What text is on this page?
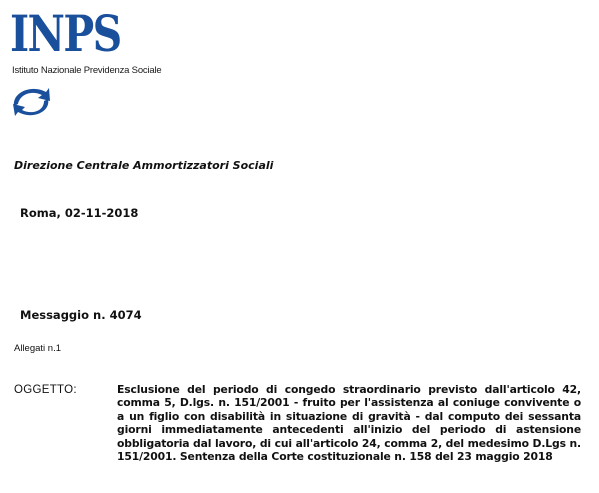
INPS
Istituto Nazionale Previdenza Sociale
Direzione Centrale Ammortizzatori Sociali
Roma, 02-11-2018
Messaggio n. 4074
Allegati n.1
OGGETTO:	Esclusione del periodo di congedo straordinario previsto dall'articolo 42, comma 5, D.lgs. n. 151/2001 - fruito per l'assistenza al coniuge convivente o a un figlio con disabilità in situazione di gravità - dal computo dei sessanta giorni immediatamente antecedenti all'inizio del periodo di astensione obbligatoria dal lavoro, di cui all'articolo 24, comma 2, del medesimo D.Lgs n. 151/2001. Sentenza della Corte costituzionale n. 158 del 23 maggio 2018
